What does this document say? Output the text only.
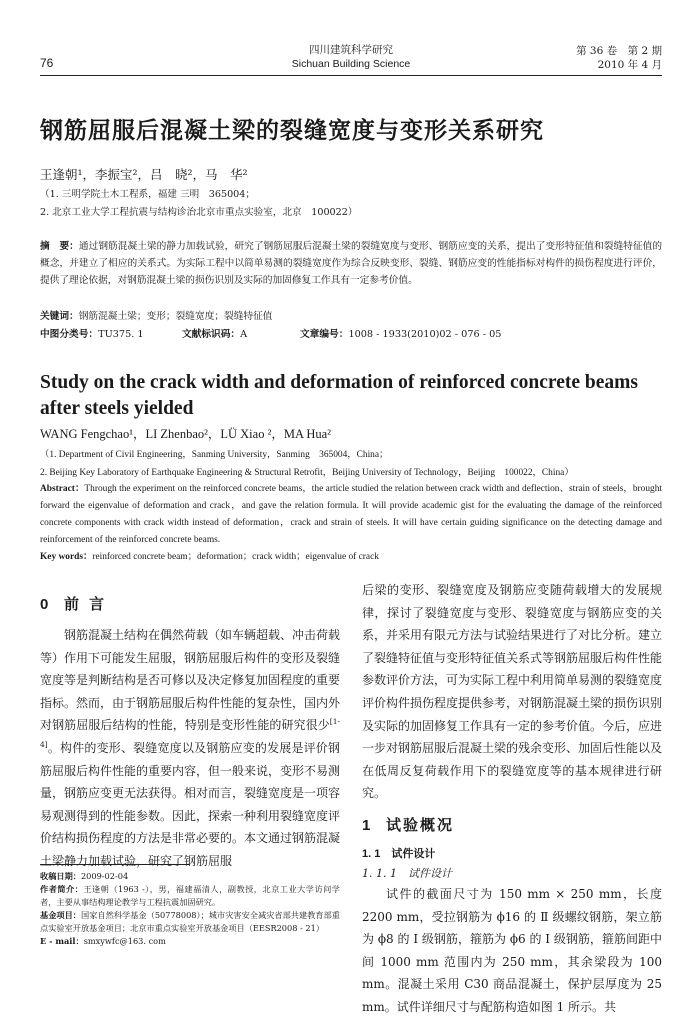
76
四川建筑科学研究
Sichuan Building Science
第 36 卷　第 2 期
2010 年 4 月
钢筋屈服后混凝土梁的裂缝宽度与变形关系研究
王逢朝¹，李振宝²，吕　晓²，马　华²
（1. 三明学院土木工程系，福建 三明　365004；
2. 北京工业大学工程抗震与结构诊治北京市重点实验室，北京　100022）
摘　要：通过钢筋混凝土梁的静力加载试验，研究了钢筋屈服后混凝土梁的裂缝宽度与变形、钢筋应变的关系，提出了变形特征值和裂缝特征值的概念，并建立了相应的关系式。为实际工程中以简单易测的裂缝宽度作为综合反映变形、裂缝、钢筋应变的性能指标对构件的损伤程度进行评价，提供了理论依据，对钢筋混凝土梁的损伤识别及实际的加固修复工作具有一定参考价值。
关键词：钢筋混凝土梁；变形；裂缝宽度；裂缝特征值
中图分类号：TU375. 1	文献标识码：A	文章编号：1008 - 1933(2010)02 - 076 - 05
Study on the crack width and deformation of reinforced concrete beams after steels yielded
WANG Fengchao¹，LI Zhenbao²，LÜ Xiao ²，MA Hua²
（1. Department of Civil Engineering，Sanming University，Sanming　365004，China；
2. Beijing Key Laboratory of Earthquake Engineering & Structural Retrofit，Beijing University of Technology，Beijing　100022，China）
Abstract：Through the experiment on the reinforced concrete beams，the article studied the relation between crack width and deflection、strain of steels，brought forward the eigenvalue of deformation and crack，and gave the relation formula. It will provide academic gist for the evaluating the damage of the reinforced concrete components with crack width instead of deformation，crack and strain of steels. It will have certain guiding significance on the detecting damage and reinforcement of the reinforced concrete beams.
Key words：reinforced concrete beam；deformation；crack width；eigenvalue of crack
0 前言

钢筋混凝土结构在偶然荷载（如车辆超载、冲击荷载等）作用下可能发生屈服，钢筋屈服后构件的变形及裂缝宽度等是判断结构是否可修以及决定修复加固程度的重要指标。然而，由于钢筋屈服后构件性能的复杂性，国内外对钢筋屈服后结构的性能，特别是变形性能的研究很少[1-4]。构件的变形、裂缝宽度以及钢筋应变的发展是评价钢筋屈服后构件性能的重要内容，但一般来说，变形不易测量，钢筋应变更无法获得。相对而言，裂缝宽度是一项容易观测得到的性能参数。因此，探索一种利用裂缝宽度评价结构损伤程度的方法是非常必要的。本文通过钢筋混凝土梁静力加载试验，研究了钢筋屈服

后梁的变形、裂缝宽度及钢筋应变随荷载增大的发展规律，探讨了裂缝宽度与变形、裂缝宽度与钢筋应变的关系，并采用有限元方法与试验结果进行了对比分析。建立了裂缝特征值与变形特征值关系式等钢筋屈服后构件性能参数评价方法，可为实际工程中利用简单易测的裂缝宽度评价构件损伤程度提供参考，对钢筋混凝土梁的损伤识别及实际的加固修复工作具有一定的参考价值。今后，应进一步对钢筋屈服后混凝土梁的残余变形、加固后性能以及在低周反复荷载作用下的裂缝宽度等的基本规律进行研究。

1 试验概况
1. 1　试件设计
1. 1. 1　试件设计

试件的截面尺寸为 150 mm × 250 mm，长度 2200 mm，受拉钢筋为 ϕ16 的 Ⅱ 级螺纹钢筋，架立筋为 ϕ8 的 Ⅰ 级钢筋，箍筋为 ϕ6 的 Ⅰ 级钢筋，箍筋间距中间 1000 mm 范围内为 250 mm，其余梁段为 100 mm。混凝土采用 C30 商品混凝土，保护层厚度为 25 mm。试件详细尺寸与配筋构造如图 1 所示。共

收稿日期：2009-02-04
作者简介：王逢朝（1963 -），男，福建福清人，副教授，北京工业大学访问学者，主要从事结构理论教学与工程抗震加固研究。
基金项目：国家自然科学基金（50778008）；城市灾害安全减灾省部共建教育部重点实验室开放基金项目；北京市重点实验室开放基金项目（EESR2008 - 21）
E - mail：smxywfc@163. com
